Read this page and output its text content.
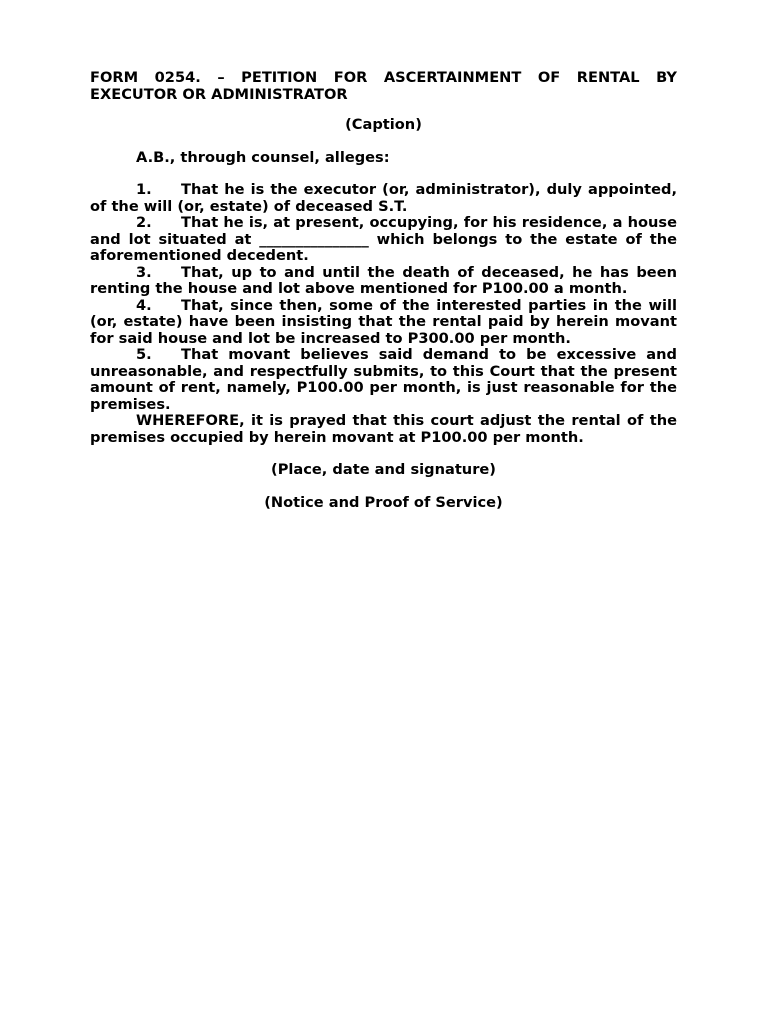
FORM 0254. – PETITION FOR ASCERTAINMENT OF RENTAL BY EXECUTOR OR ADMINISTRATOR

(Caption)

A.B., through counsel, alleges:

1. That he is the executor (or, administrator), duly appointed, of the will (or, estate) of deceased S.T.

2. That he is, at present, occupying, for his residence, a house and lot situated at _______________ which belongs to the estate of the aforementioned decedent.

3. That, up to and until the death of deceased, he has been renting the house and lot above mentioned for P100.00 a month.

4. That, since then, some of the interested parties in the will (or, estate) have been insisting that the rental paid by herein movant for said house and lot be increased to P300.00 per month.

5. That movant believes said demand to be excessive and unreasonable, and respectfully submits, to this Court that the present amount of rent, namely, P100.00 per month, is just reasonable for the premises.

WHEREFORE, it is prayed that this court adjust the rental of the premises occupied by herein movant at P100.00 per month.

(Place, date and signature)

(Notice and Proof of Service)
